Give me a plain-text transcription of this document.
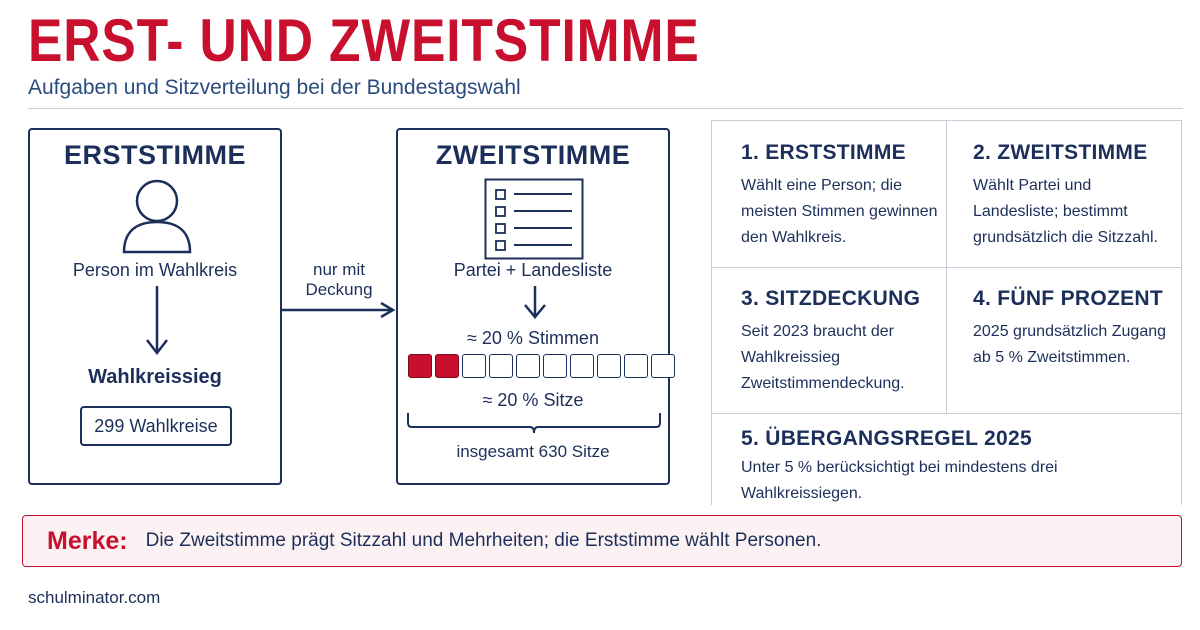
ERST- UND ZWEITSTIMME
Aufgaben und Sitzverteilung bei der Bundestagswahl
ERSTSTIMME
Person im Wahlkreis
Wahlkreissieg
299 Wahlkreise
nur mit
Deckung
ZWEITSTIMME
Partei + Landesliste
≈ 20 % Stimmen
≈ 20 % Sitze
insgesamt 630 Sitze
1. ERSTSTIMME

Wählt eine Person; die meisten Stimmen gewinnen den Wahlkreis.

2. ZWEITSTIMME

Wählt Partei und Landesliste; bestimmt grundsätzlich die Sitzzahl.

3. SITZDECKUNG

Seit 2023 braucht der Wahlkreissieg Zweitstimmendeckung.

4. FÜNF PROZENT

2025 grundsätzlich Zugang ab 5 % Zweitstimmen.

5. ÜBERGANGSREGEL 2025

Unter 5 % berücksichtigt bei mindestens drei Wahlkreissiegen.

Merke: Die Zweitstimme prägt Sitzzahl und Mehrheiten; die Erststimme wählt Personen.
schulminator.com
